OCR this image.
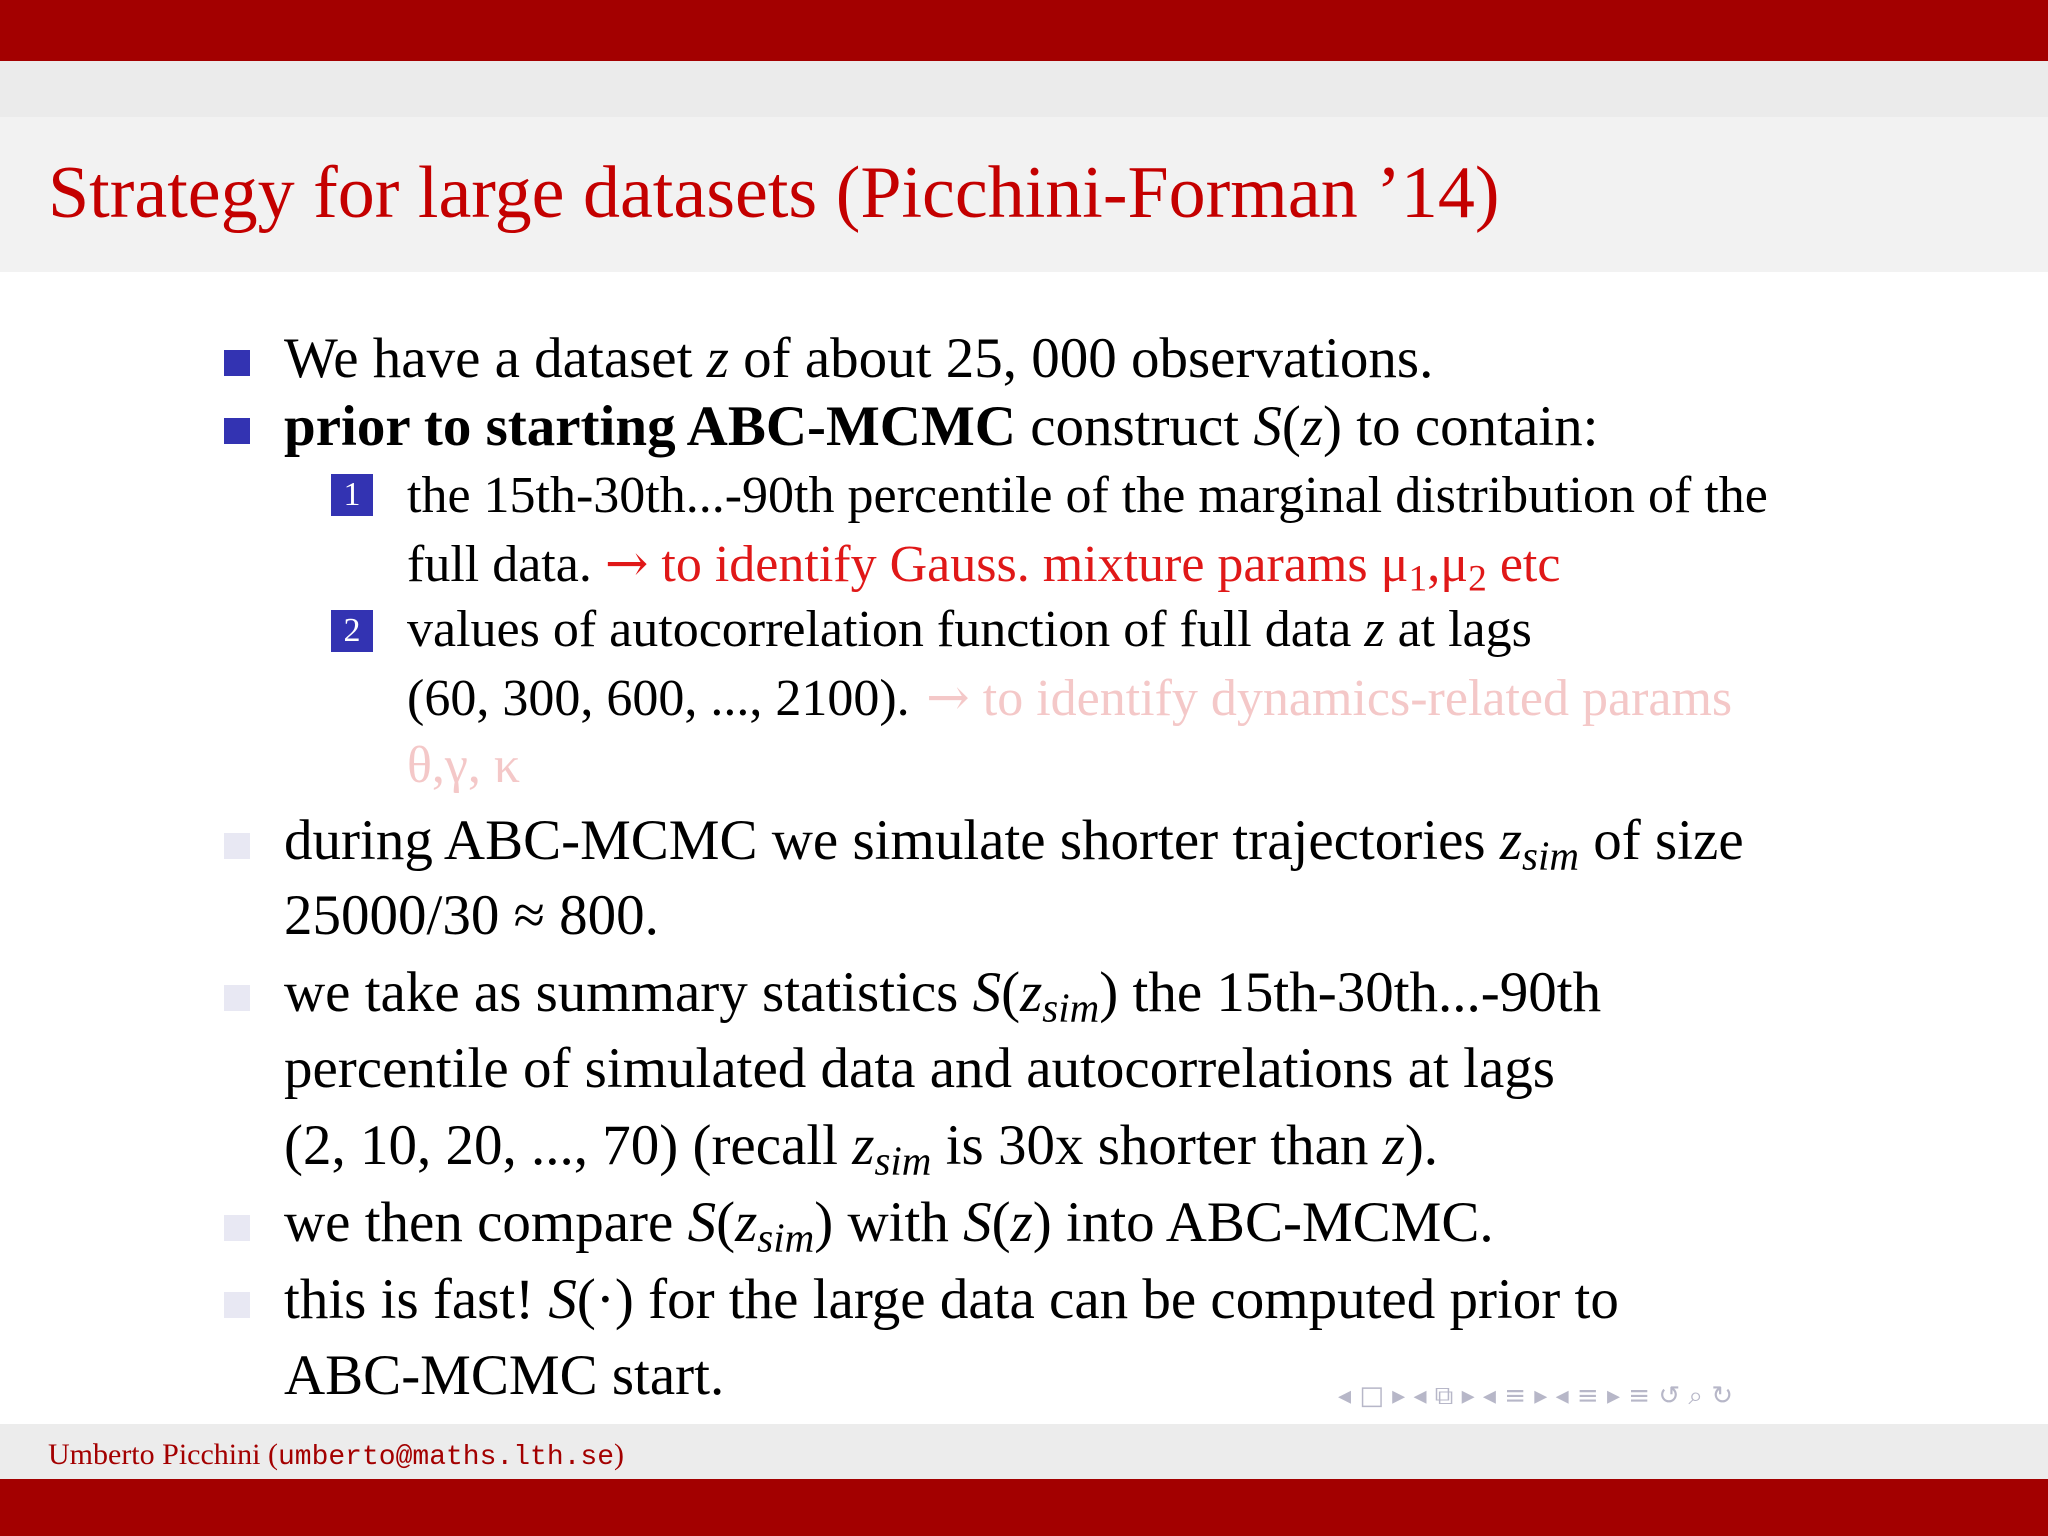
Strategy for large datasets (Picchini-Forman ’14)
We have a dataset z of about 25, 000 observations.
prior to starting ABC-MCMC construct S(z) to contain:
1 the 15th-30th...-90th percentile of the marginal distribution of the
full data. → to identify Gauss. mixture params $\mu_1,\mu_2$ etc
2 values of autocorrelation function of full data z at lags
(60, 300, 600, ..., 2100). → to identify dynamics-related params
θ,γ, κ
during ABC-MCMC we simulate shorter trajectories $z_{sim}$ of size
25000/30 ≈ 800.
we take as summary statistics $S(z_{sim})$ the 15th-30th...-90th
percentile of simulated data and autocorrelations at lags
(2, 10, 20, ..., 70) (recall $z_{sim}$ is 30x shorter than z).
we then compare $S(z_{sim})$ with S(z) into ABC-MCMC.
this is fast! S(·) for the large data can be computed prior to
ABC-MCMC start.	◂ □ ▸ ◂ ⧉ ▸ ◂ ≡ ▸ ◂ ≡ ▸ ≡ ↺ ⌕ ↻
Umberto Picchini (umberto@maths.lth.se)
